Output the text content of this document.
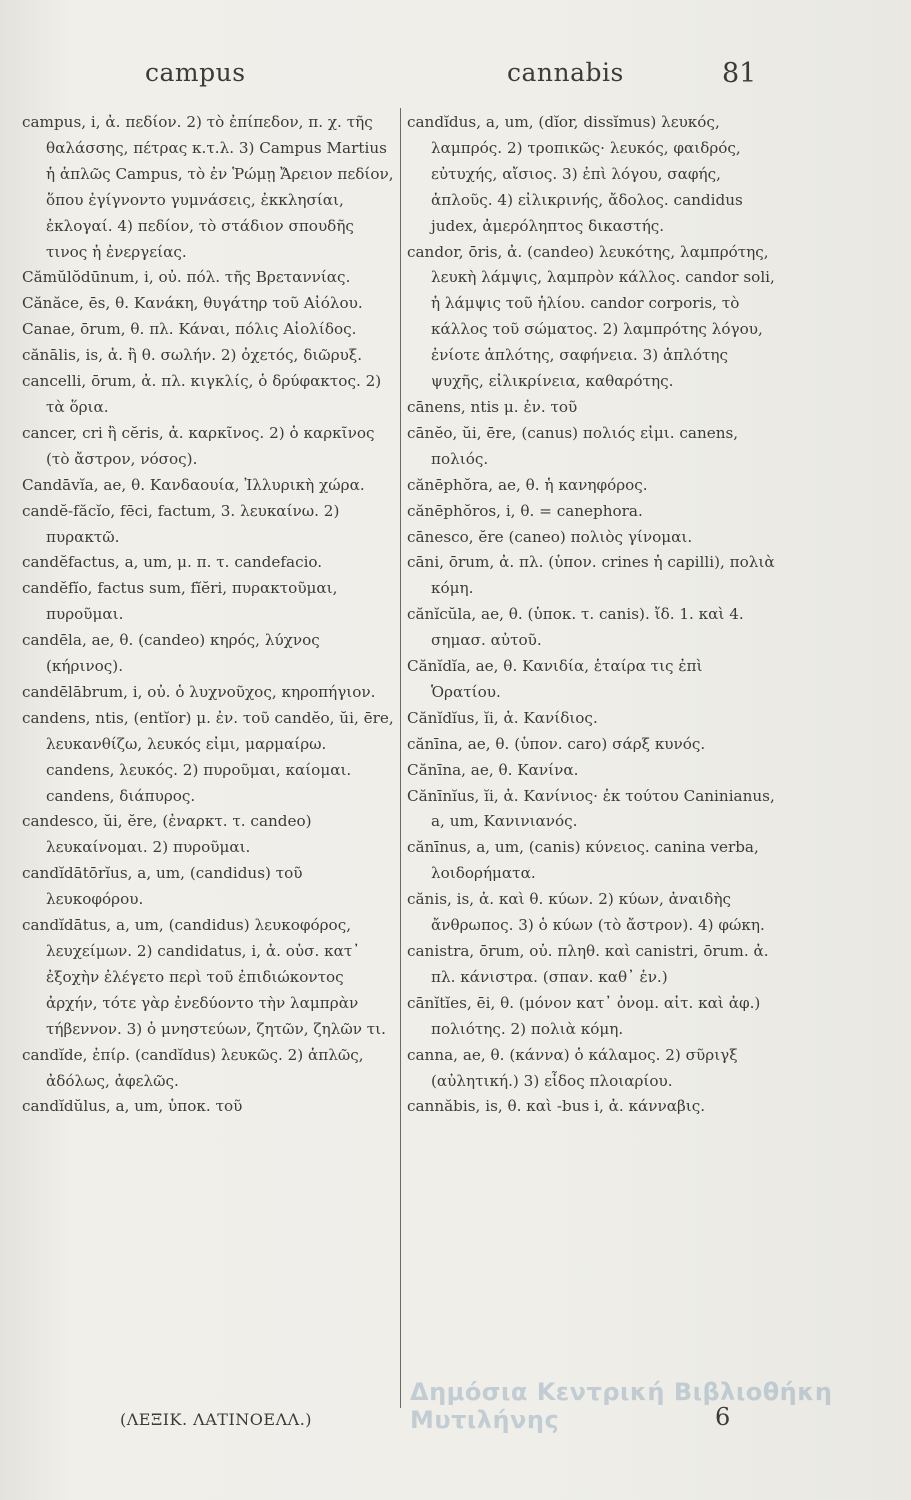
campus	cannabis	81

campus, i, ἀ. πεδίον. 2) τὸ ἐπίπεδον, π. χ. τῆς θαλάσσης, πέτρας κ.τ.λ. 3) Campus Martius ἡ ἁπλῶς Campus, τὸ ἐν Ῥώμῃ Ἄρειον πεδίον, ὅπου ἐγίγνοντο γυμνάσεις, ἐκκλησίαι, ἐκλογαί. 4) πεδίον, τὸ στάδιον σπουδῆς τινος ἡ ἐνεργείας.

Cămŭlŏdūnum, i, οὐ. πόλ. τῆς Βρεταννίας.

Cănăce, ēs, θ. Κανάκη, θυγάτηρ τοῦ Αἰόλου.

Canae, ōrum, θ. πλ. Κάναι, πόλις Αἰολίδος.

cănālis, is, ἀ. ἢ θ. σωλήν. 2) ὀχετός, διῶρυξ.

cancelli, ōrum, ἀ. πλ. κιγκλίς, ὁ δρύφακτος. 2) τὰ ὅρια.

cancer, cri ἢ cĕris, ἀ. καρκῖνος. 2) ὁ καρκῖνος (τὸ ἄστρον, νόσος).

Candāvĭa, ae, θ. Κανδαουία, Ἰλλυρικὴ χώρα.

candĕ-făcĭo, fēci, factum, 3. λευκαίνω. 2) πυρακτῶ.

candĕfactus, a, um, μ. π. τ. candefacio.

candĕfĭo, factus sum, fĭĕri, πυρακτοῦμαι, πυροῦμαι.

candēla, ae, θ. (candeo) κηρός, λύχνος (κήρινος).

candēlābrum, i, οὐ. ὁ λυχνοῦχος, κηροπήγιον.

candens, ntis, (entĭor) μ. ἐν. τοῦ candĕo, ŭi, ēre, λευκανθίζω, λευκός εἰμι, μαρμαίρω. candens, λευκός. 2) πυροῦμαι, καίομαι. candens, διάπυρος.

candesco, ŭi, ĕre, (ἐναρκτ. τ. candeo) λευκαίνομαι. 2) πυροῦμαι.

candĭdātōrĭus, a, um, (candidus) τοῦ λευκοφόρου.

candĭdātus, a, um, (candidus) λευκοφόρος, λευχείμων. 2) candidatus, i, ἀ. οὐσ. κατ᾿ ἐξοχὴν ἐλέγετο περὶ τοῦ ἐπιδιώκοντος ἀρχήν, τότε γὰρ ἐνεδύοντο τὴν λαμπρὰν τήβεννον. 3) ὁ μνηστεύων, ζητῶν, ζηλῶν τι.

candĭde, ἐπίρ. (candĭdus) λευκῶς. 2) ἁπλῶς, ἀδόλως, ἀφελῶς.

candĭdŭlus, a, um, ὑποκ. τοῦ

candĭdus, a, um, (dĭor, dissĭmus) λευκός, λαμπρός. 2) τροπικῶς· λευκός, φαιδρός, εὐτυχής, αἴσιος. 3) ἐπὶ λόγου, σαφής, ἁπλοῦς. 4) εἰλικρινής, ἄδολος. candidus judex, ἀμερόληπτος δικαστής.

candor, ōris, ἀ. (candeo) λευκότης, λαμπρότης, λευκὴ λάμψις, λαμπρὸν κάλλος. candor soli, ἡ λάμψις τοῦ ἡλίου. candor corporis, τὸ κάλλος τοῦ σώματος. 2) λαμπρότης λόγου, ἐνίοτε ἁπλότης, σαφήνεια. 3) ἁπλότης ψυχῆς, εἰλικρίνεια, καθαρότης.

cānens, ntis μ. ἐν. τοῦ

cānĕo, ŭi, ēre, (canus) πολιός εἰμι. canens, πολιός.

cănēphŏra, ae, θ. ἡ κανηφόρος.

cănēphŏros, i, θ. = canephora.

cānesco, ĕre (caneo) πολιὸς γίνομαι.

cāni, ōrum, ἀ. πλ. (ὑπον. crines ἡ capilli), πολιὰ κόμη.

cănĭcŭla, ae, θ. (ὑποκ. τ. canis). ἴδ. 1. καὶ 4. σημασ. αὐτοῦ.

Cănĭdĭa, ae, θ. Κανιδία, ἑταίρα τις ἐπὶ Ὁρατίου.

Cănĭdĭus, ĭi, ἀ. Κανίδιος.

cănīna, ae, θ. (ὑπον. caro) σάρξ κυνός.

Cănīna, ae, θ. Κανίνα.

Cănīnĭus, ĭi, ἀ. Κανίνιος· ἐκ τούτου Caninianus, a, um, Κανινιανός.

cănīnus, a, um, (canis) κύνειος. canina verba, λοιδορήματα.

cănis, is, ἀ. καὶ θ. κύων. 2) κύων, ἀναιδὴς ἄνθρωπος. 3) ὁ κύων (τὸ ἄστρον). 4) φώκη.

canistra, ōrum, οὐ. πληθ. καὶ canistri, ōrum. ἀ. πλ. κάνιστρα. (σπαν. καθ᾿ ἑν.)

cānĭtĭes, ēi, θ. (μόνον κατ᾿ ὀνομ. αἰτ. καὶ ἀφ.) πολιότης. 2) πολιὰ κόμη.

canna, ae, θ. (κάννα) ὁ κάλαμος. 2) σῦριγξ (αὐλητική.) 3) εἶδος πλοιαρίου.

cannăbis, is, θ. καὶ -bus i, ἀ. κάνναβις.

Δημόσια Κεντρική Βιβλιοθήκη Μυτιλήνης
(ΛΕΞΙΚ. ΛΑΤΙΝΟΕΛΛ.)	6
